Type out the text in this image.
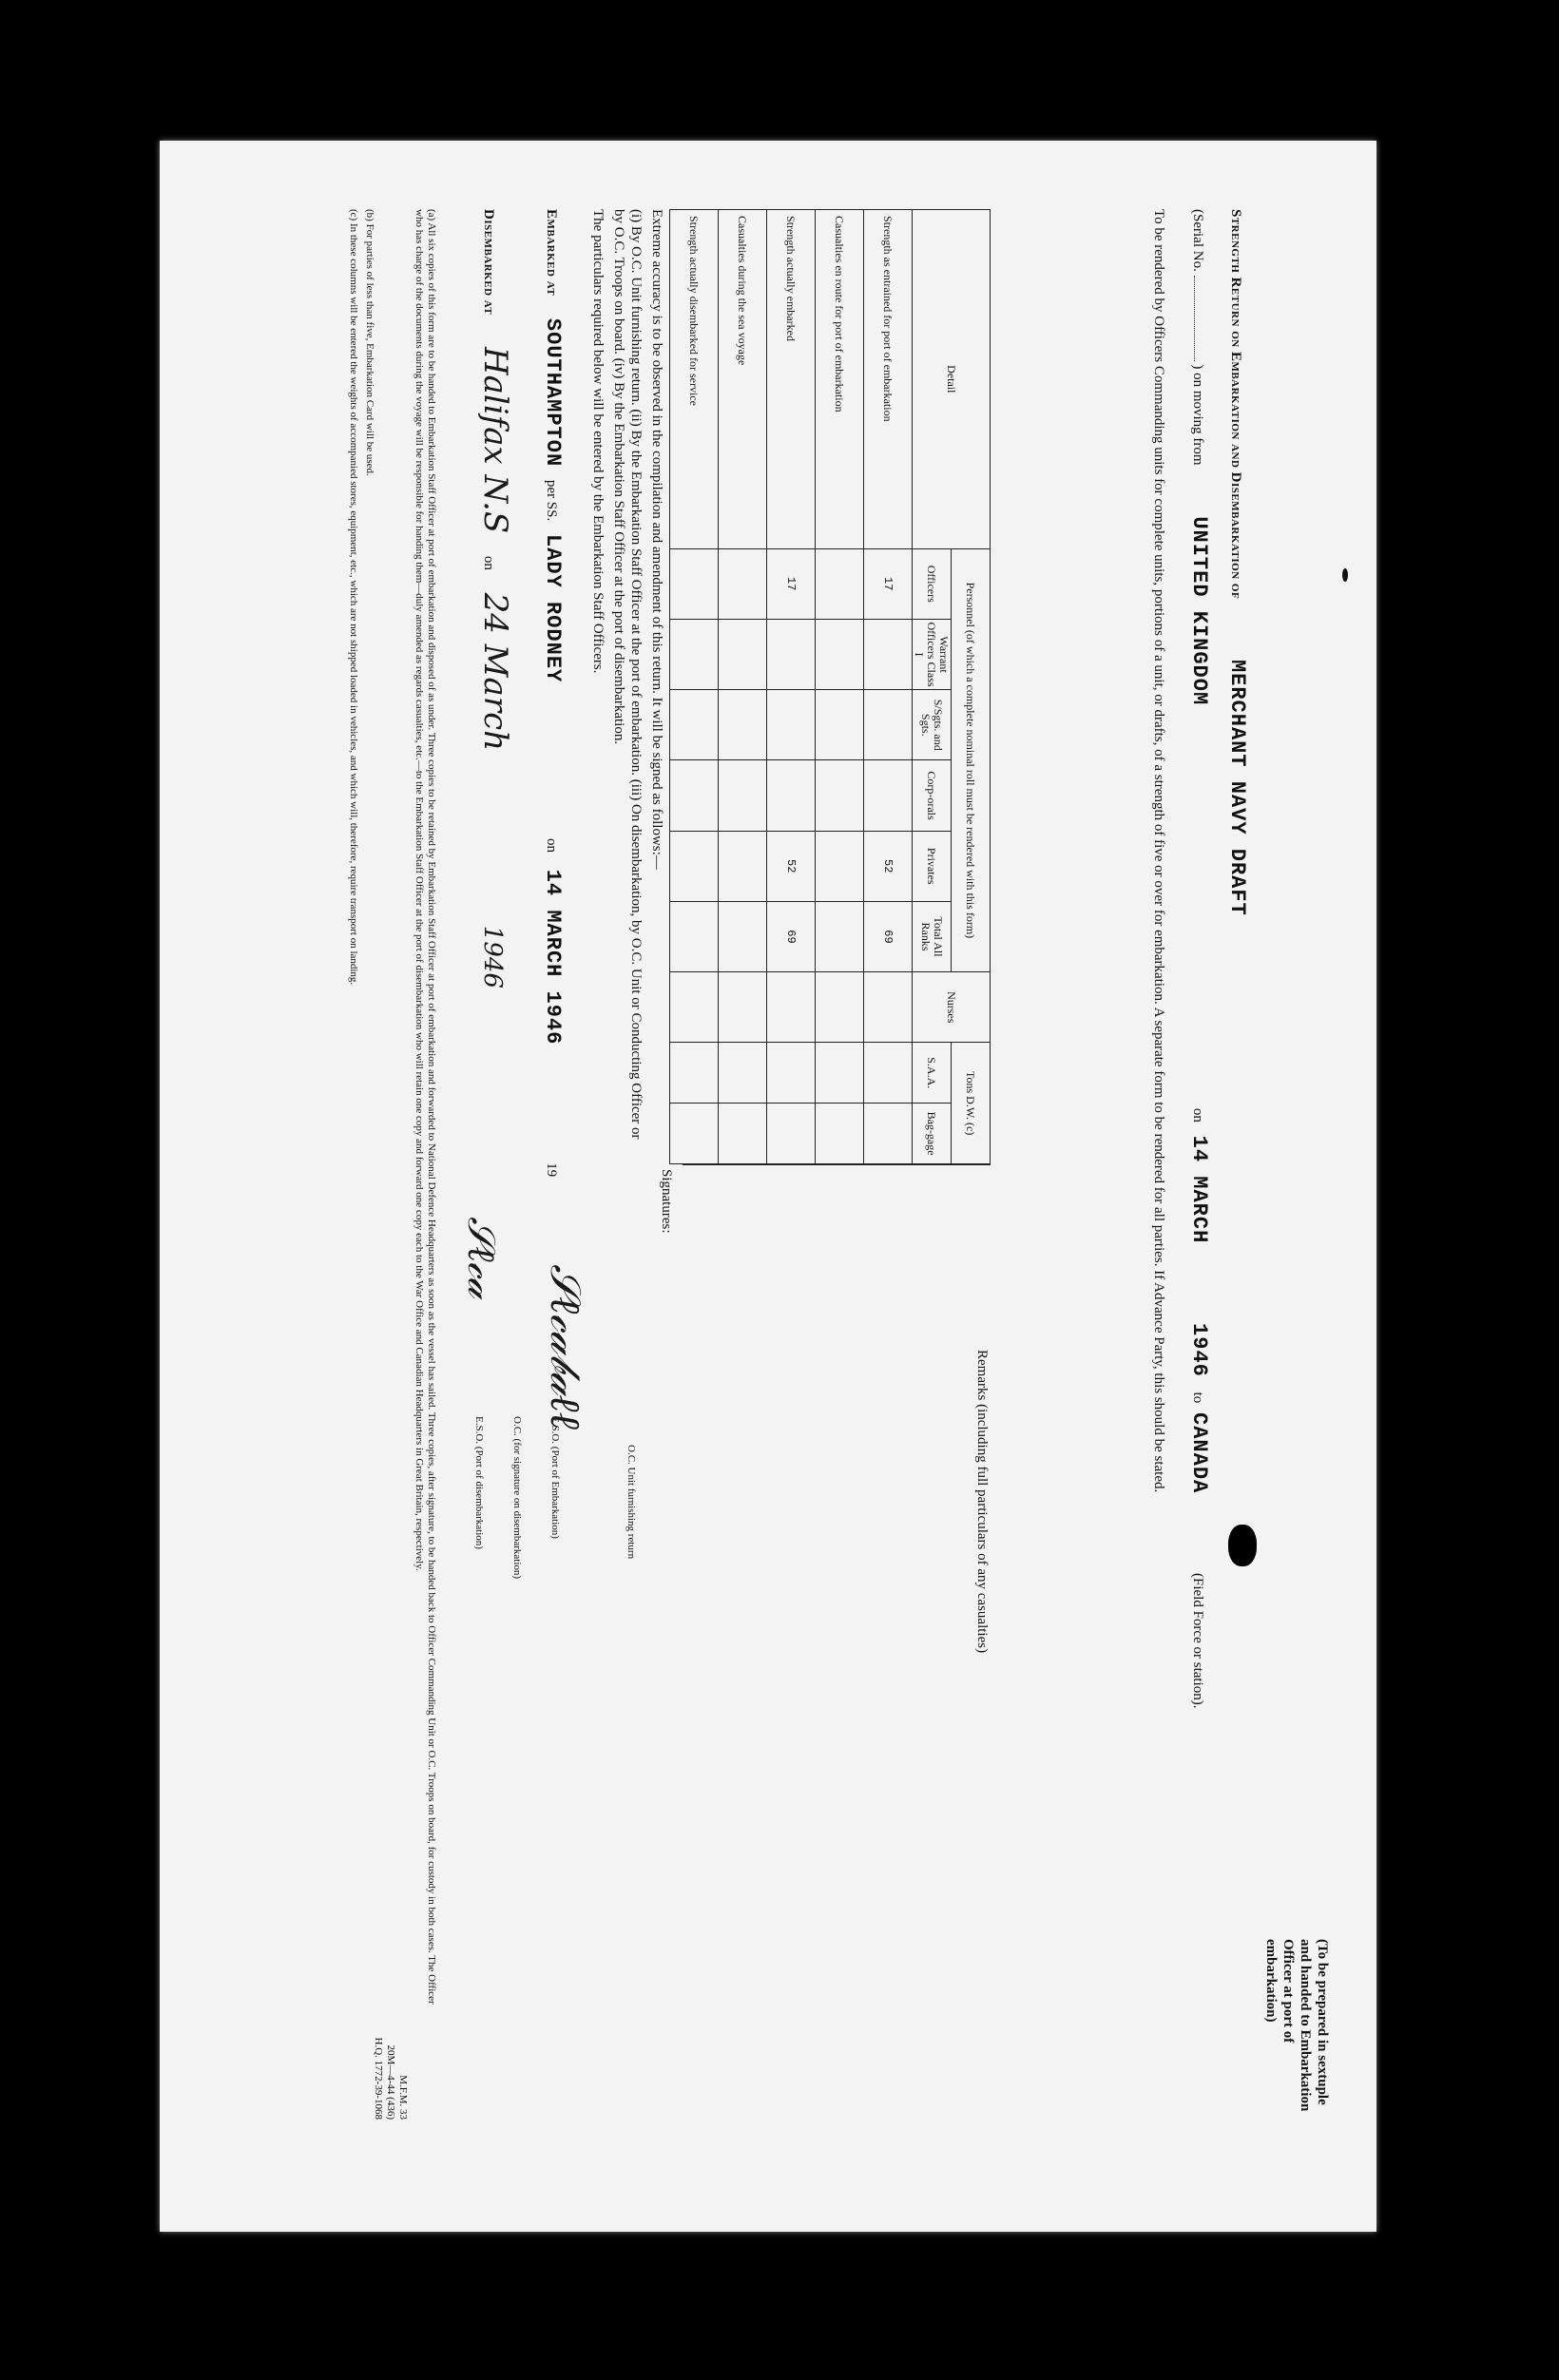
Strength Return on Embarkation and Disembarkation of MERCHANT NAVY DRAFT
(Serial No.  ) on moving from UNITED KINGDOM on 14 MARCH 1946 to CANADA (Field Force or station).
To be rendered by Officers Commanding units for complete units, portions of a unit, or drafts, of a strength of five or over for embarkation. A separate form to be rendered for all parties. If Advance Party, this should be stated.
(To be prepared in sextuple and handed to Embarkation Officer at port of embarkation)
Detail	Personnel (of which a complete nominal roll must be rendered with this form)						Nurses	Tons D.W. (c)	
	Officers	Warrant Officers Class I	S/Sgts. and Sgts.	Corp-orals	Privates	Total All Ranks		S.A.A.	Bag-gage
Strength as entrained for port of embarkation	17				52	69			
Casualties en route for port of embarkation									
Strength actually embarked	17				52	69			
Casualties during the sea voyage									
Strength actually disembarked for service									
Remarks (including full particulars of any casualties)
Signatures:
O.C. Unit furnishing return
E.S.O. (Port of Embarkation)
O.C. (for signature on disembarkation)
E.S.O. (Port of disembarkation)
𝒮ℓ𝒸𝒶𝒷𝒶ℓℓ
𝒮ℓ𝒸𝒶
Extreme accuracy is to be observed in the compilation and amendment of this return. It will be signed as follows:—
(i) By O.C. Unit furnishing return. (ii) By the Embarkation Staff Officer at the port of embarkation. (iii) On disembarkation, by O.C. Unit or Conducting Officer or by O.C. Troops on board. (iv) By the Embarkation Staff Officer at the port of disembarkation.
The particulars required below will be entered by the Embarkation Staff Officers.
Embarked at SOUTHAMPTON per SS. LADY RODNEY on 14 MARCH 1946 19
Disembarked at Halifax N.S on 24 March 1946
(a) All six copies of this form are to be handed to Embarkation Staff Officer at port of embarkation and disposed of as under. Three copies to be retained by Embarkation Staff Officer at port of embarkation and forwarded to National Defence Headquarters as soon as the vessel has sailed. Three copies, after signature, to be handed back to Officer Commanding Unit or O.C. Troops on board, for custody in both cases. The Officer who has charge of the documents during the voyage will be responsible for handing them—duly amended as regards casualties, etc.—to the Embarkation Staff Officer at the port of disembarkation who will retain one copy and forward one copy each to the War Office and Canadian Headquarters in Great Britain, respectively.
(b) For parties of less than five, Embarkation Card will be used.
(c) In these columns will be entered the weights of accompanied stores, equipment, etc., which are not shipped loaded in vehicles, and which will, therefore, require transport on landing.
M.F.M. 33
20M—4-44 (436)
H.Q. 1772-39-1068
